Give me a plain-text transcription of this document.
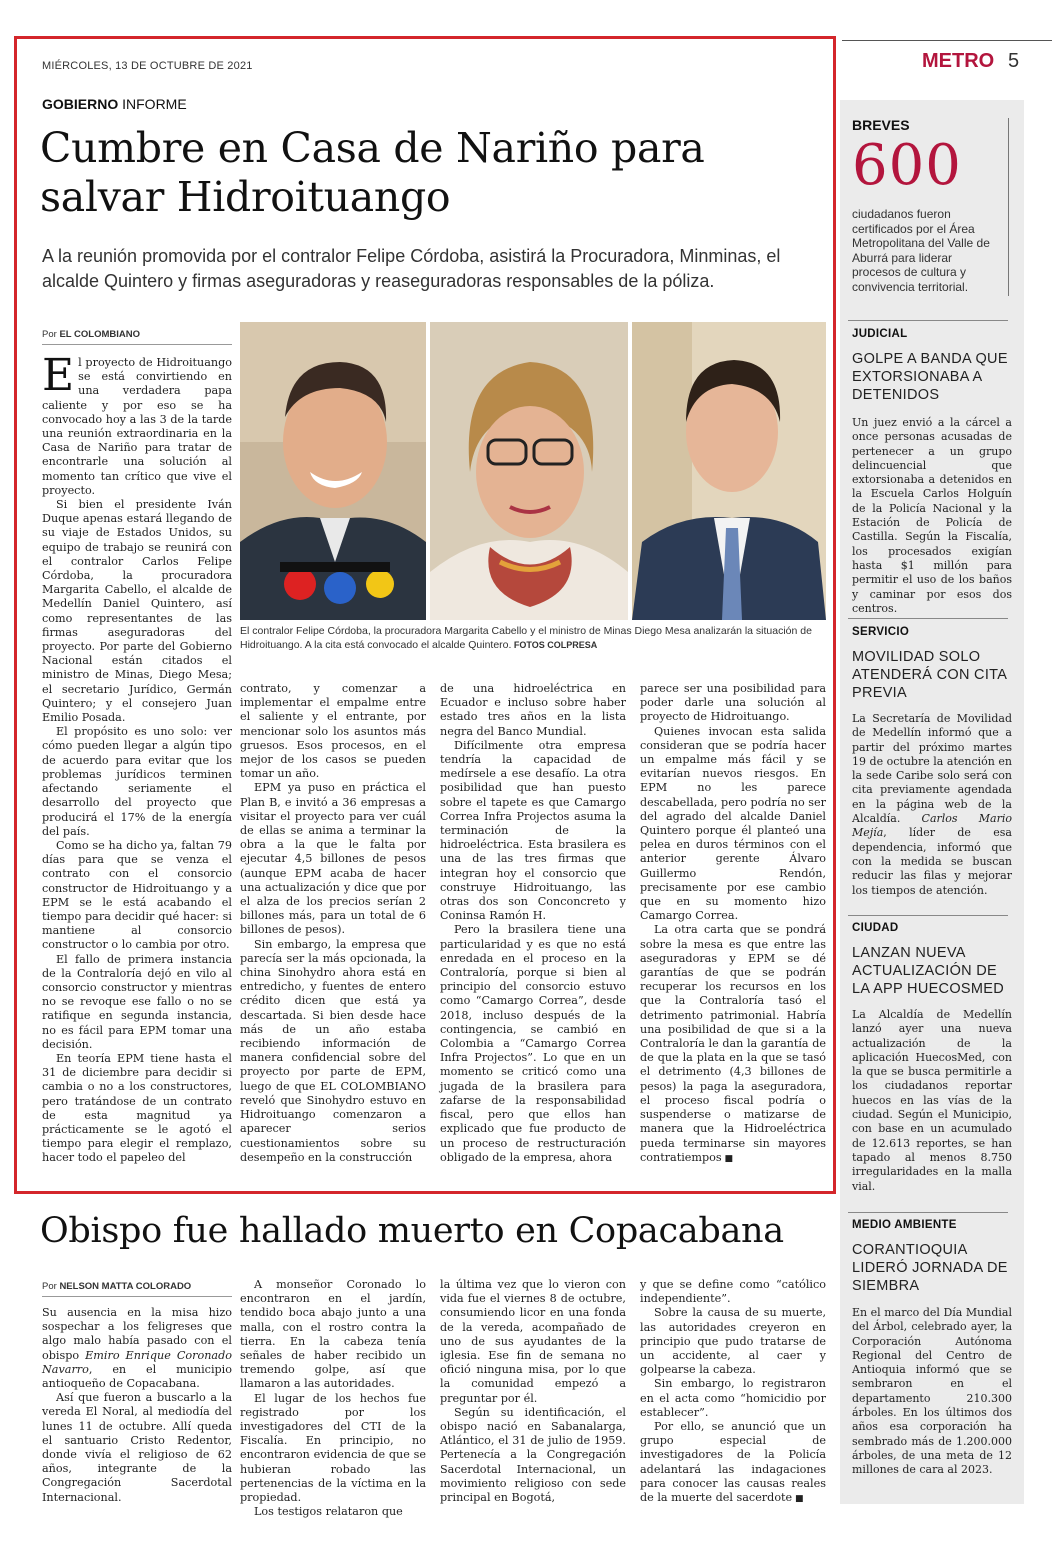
MIÉRCOLES, 13 DE OCTUBRE DE 2021	METRO 5
GOBIERNO INFORME
Cumbre en Casa de Nariño para salvar Hidroituango
A la reunión promovida por el contralor Felipe Córdoba, asistirá la Procuradora, Minminas, el alcalde Quintero y firmas aseguradoras y reaseguradoras responsables de la póliza.
Por EL COLOMBIANO

El proyecto de Hidroituango se está convirtiendo en una verdadera papa caliente y por eso se ha convocado hoy a las 3 de la tarde una reunión extraordinaria en la Casa de Nariño para tratar de encontrarle una solución al momento tan crítico que vive el proyecto.

Si bien el presidente Iván Duque apenas estará llegando de su viaje de Estados Unidos, su equipo de trabajo se reunirá con el contralor Carlos Felipe Córdoba, la procuradora Margarita Cabello, el alcalde de Medellín Daniel Quintero, así como representantes de las firmas aseguradoras del proyecto. Por parte del Gobierno Nacional están citados el ministro de Minas, Diego Mesa; el secretario Jurídico, Germán Quintero; y el consejero Juan Emilio Posada.

El propósito es uno solo: ver cómo pueden llegar a algún tipo de acuerdo para evitar que los problemas jurídicos terminen afectando seriamente el desarrollo del proyecto que producirá el 17% de la energía del país.

Como se ha dicho ya, faltan 79 días para que se venza el contrato con el consorcio constructor de Hidroituango y a EPM se le está acabando el tiempo para decidir qué hacer: si mantiene al consorcio constructor o lo cambia por otro.

El fallo de primera instancia de la Contraloría dejó en vilo al consorcio constructor y mientras no se revoque ese fallo o no se ratifique en segunda instancia, no es fácil para EPM tomar una decisión.

En teoría EPM tiene hasta el 31 de diciembre para decidir si cambia o no a los constructores, pero tratándose de un contrato de esta magnitud ya prácticamente se le agotó el tiempo para elegir el remplazo, hacer todo el papeleo del

El contralor Felipe Córdoba, la procuradora Margarita Cabello y el ministro de Minas Diego Mesa analizarán la situación de Hidroituango. A la cita está convocado el alcalde Quintero. FOTOS COLPRESA

contrato, y comenzar a implementar el empalme entre el saliente y el entrante, por mencionar solo los asuntos más gruesos. Esos procesos, en el mejor de los casos se pueden tomar un año.

EPM ya puso en práctica el Plan B, e invitó a 36 empresas a visitar el proyecto para ver cuál de ellas se anima a terminar la obra a la que le falta por ejecutar 4,5 billones de pesos (aunque EPM acaba de hacer una actualización y dice que por el alza de los precios serían 2 billones más, para un total de 6 billones de pesos).

Sin embargo, la empresa que parecía ser la más opcionada, la china Sinohydro ahora está en entredicho, y fuentes de entero crédito dicen que está ya descartada. Si bien desde hace más de un año estaba recibiendo información de manera confidencial sobre del proyecto por parte de EPM, luego de que EL COLOMBIANO reveló que Sinohydro estuvo en Hidroituango comenzaron a aparecer serios cuestionamientos sobre su desempeño en la construcción

de una hidroeléctrica en Ecuador e incluso sobre haber estado tres años en la lista negra del Banco Mundial.

Difícilmente otra empresa tendría la capacidad de medírsele a ese desafío. La otra posibilidad que han puesto sobre el tapete es que Camargo Correa Infra Projectos asuma la terminación de la hidroeléctrica. Esta brasilera es una de las tres firmas que integran hoy el consorcio que construye Hidroituango, las otras dos son Conconcreto y Coninsa Ramón H.

Pero la brasilera tiene una particularidad y es que no está enredada en el proceso en la Contraloría, porque si bien al principio del consorcio estuvo como “Camargo Correa”, desde 2018, incluso después de la contingencia, se cambió en Colombia a “Camargo Correa Infra Projectos”. Lo que en un momento se criticó como una jugada de la brasilera para zafarse de la responsabilidad fiscal, pero que ellos han explicado que fue producto de un proceso de restructuración obligado de la empresa, ahora

parece ser una posibilidad para poder darle una solución al proyecto de Hidroituango.

Quienes invocan esta salida consideran que se podría hacer un empalme más fácil y se evitarían nuevos riesgos. En EPM no les parece descabellada, pero podría no ser del agrado del alcalde Daniel Quintero porque él planteó una pelea en duros términos con el anterior gerente Álvaro Guillermo Rendón, precisamente por ese cambio que en su momento hizo Camargo Correa.

La otra carta que se pondrá sobre la mesa es que entre las aseguradoras y EPM se dé garantías de que se podrán recuperar los recursos en los que la Contraloría tasó el detrimento patrimonial. Habría una posibilidad de que si a la Contraloría le dan la garantía de de que la plata en la que se tasó el detrimento (4,3 billones de pesos) la paga la aseguradora, el proceso fiscal podría o suspenderse o matizarse de manera que la Hidroeléctrica pueda terminarse sin mayores contratiempos ■

Obispo fue hallado muerto en Copacabana
Por NELSON MATTA COLORADO

Su ausencia en la misa hizo sospechar a los feligreses que algo malo había pasado con el obispo Emiro Enrique Coronado Navarro, en el municipio antioqueño de Copacabana.

Así que fueron a buscarlo a la vereda El Noral, al mediodía del lunes 11 de octubre. Allí queda el santuario Cristo Redentor, donde vivía el religioso de 62 años, integrante de la Congregación Sacerdotal Internacional.

A monseñor Coronado lo encontraron en el jardín, tendido boca abajo junto a una malla, con el rostro contra la tierra. En la cabeza tenía señales de haber recibido un tremendo golpe, así que llamaron a las autoridades.

El lugar de los hechos fue registrado por los investigadores del CTI de la Fiscalía. En principio, no encontraron evidencia de que se hubieran robado las pertenencias de la víctima en la propiedad.

Los testigos relataron que

la última vez que lo vieron con vida fue el viernes 8 de octubre, consumiendo licor en una fonda de la vereda, acompañado de uno de sus ayudantes de la iglesia. Ese fin de semana no ofició ninguna misa, por lo que la comunidad empezó a preguntar por él.

Según su identificación, el obispo nació en Sabanalarga, Atlántico, el 31 de julio de 1959. Pertenecía a la Congregación Sacerdotal Internacional, un movimiento religioso con sede principal en Bogotá,

y que se define como “católico independiente”.

Sobre la causa de su muerte, las autoridades creyeron en principio que pudo tratarse de un accidente, al caer y golpearse la cabeza.

Sin embargo, lo registraron en el acta como “homicidio por establecer”.

Por ello, se anunció que un grupo especial de investigadores de la Policía adelantará las indagaciones para conocer las causas reales de la muerte del sacerdote ■

BREVES
600
ciudadanos fueron certificados por el Área Metropolitana del Valle de Aburrá para liderar procesos de cultura y convivencia territorial.
JUDICIAL
GOLPE A BANDA QUE EXTORSIONABA A DETENIDOS
Un juez envió a la cárcel a once personas acusadas de pertenecer a un grupo delincuencial que extorsionaba a detenidos en la Escuela Carlos Holguín de la Policía Nacional y la Estación de Policía de Castilla. Según la Fiscalía, los procesados exigían hasta $1 millón para permitir el uso de los baños y caminar por esos dos centros.
SERVICIO
MOVILIDAD SOLO ATENDERÁ CON CITA PREVIA
La Secretaría de Movilidad de Medellín informó que a partir del próximo martes 19 de octubre la atención en la sede Caribe solo será con cita previamente agendada en la página web de la Alcaldía. Carlos Mario Mejía, líder de esa dependencia, informó que con la medida se buscan reducir las filas y mejorar los tiempos de atención.
CIUDAD
LANZAN NUEVA ACTUALIZACIÓN DE LA APP HUECOSMED
La Alcaldía de Medellín lanzó ayer una nueva actualización de la aplicación HuecosMed, con la que se busca permitirle a los ciudadanos reportar huecos en las vías de la ciudad. Según el Municipio, con base en un acumulado de 12.613 reportes, se han tapado al menos 8.750 irregularidades en la malla vial.
MEDIO AMBIENTE
CORANTIOQUIA LIDERÓ JORNADA DE SIEMBRA
En el marco del Día Mundial del Árbol, celebrado ayer, la Corporación Autónoma Regional del Centro de Antioquia informó que se sembraron en el departamento 210.300 árboles. En los últimos dos años esa corporación ha sembrado más de 1.200.000 árboles, de una meta de 12 millones de cara al 2023.
